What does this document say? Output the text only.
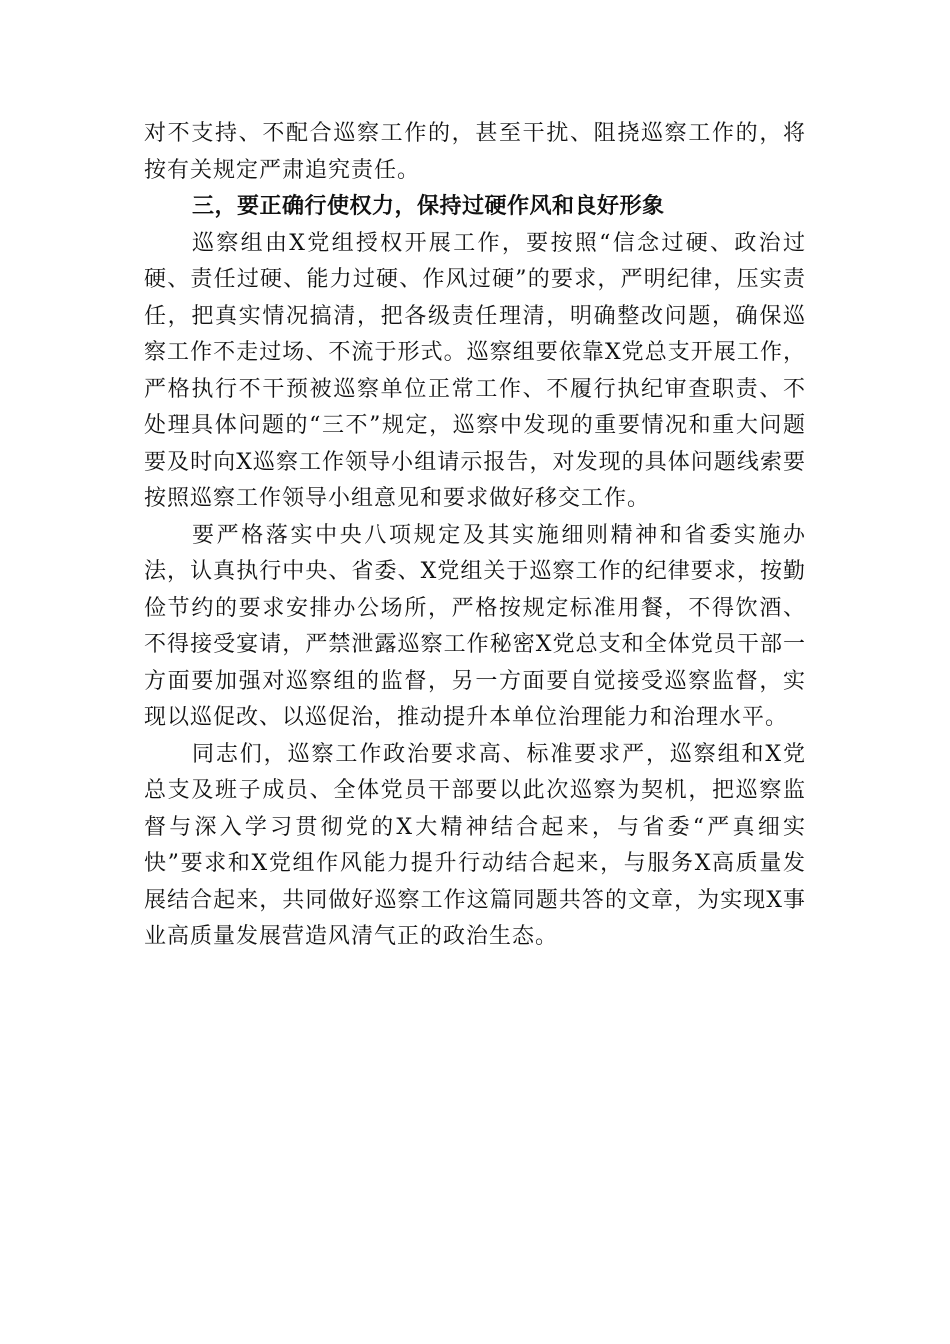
对不支持、不配合巡察工作的，甚至干扰、阻挠巡察工作的，将按有关规定严肃追究责任。

三，要正确行使权力，保持过硬作风和良好形象

巡察组由X党组授权开展工作，要按照“信念过硬、政治过硬、责任过硬、能力过硬、作风过硬”的要求，严明纪律，压实责任，把真实情况搞清，把各级责任理清，明确整改问题，确保巡察工作不走过场、不流于形式。巡察组要依靠X党总支开展工作，严格执行不干预被巡察单位正常工作、不履行执纪审查职责、不处理具体问题的“三不”规定，巡察中发现的重要情况和重大问题要及时向X巡察工作领导小组请示报告，对发现的具体问题线索要按照巡察工作领导小组意见和要求做好移交工作。

要严格落实中央八项规定及其实施细则精神和省委实施办法，认真执行中央、省委、X党组关于巡察工作的纪律要求，按勤俭节约的要求安排办公场所，严格按规定标准用餐，不得饮酒、不得接受宴请，严禁泄露巡察工作秘密X党总支和全体党员干部一方面要加强对巡察组的监督，另一方面要自觉接受巡察监督，实现以巡促改、以巡促治，推动提升本单位治理能力和治理水平。

同志们，巡察工作政治要求高、标准要求严，巡察组和X党总支及班子成员、全体党员干部要以此次巡察为契机，把巡察监督与深入学习贯彻党的X大精神结合起来，与省委“严真细实快”要求和X党组作风能力提升行动结合起来，与服务X高质量发展结合起来，共同做好巡察工作这篇同题共答的文章，为实现X事业高质量发展营造风清气正的政治生态。
